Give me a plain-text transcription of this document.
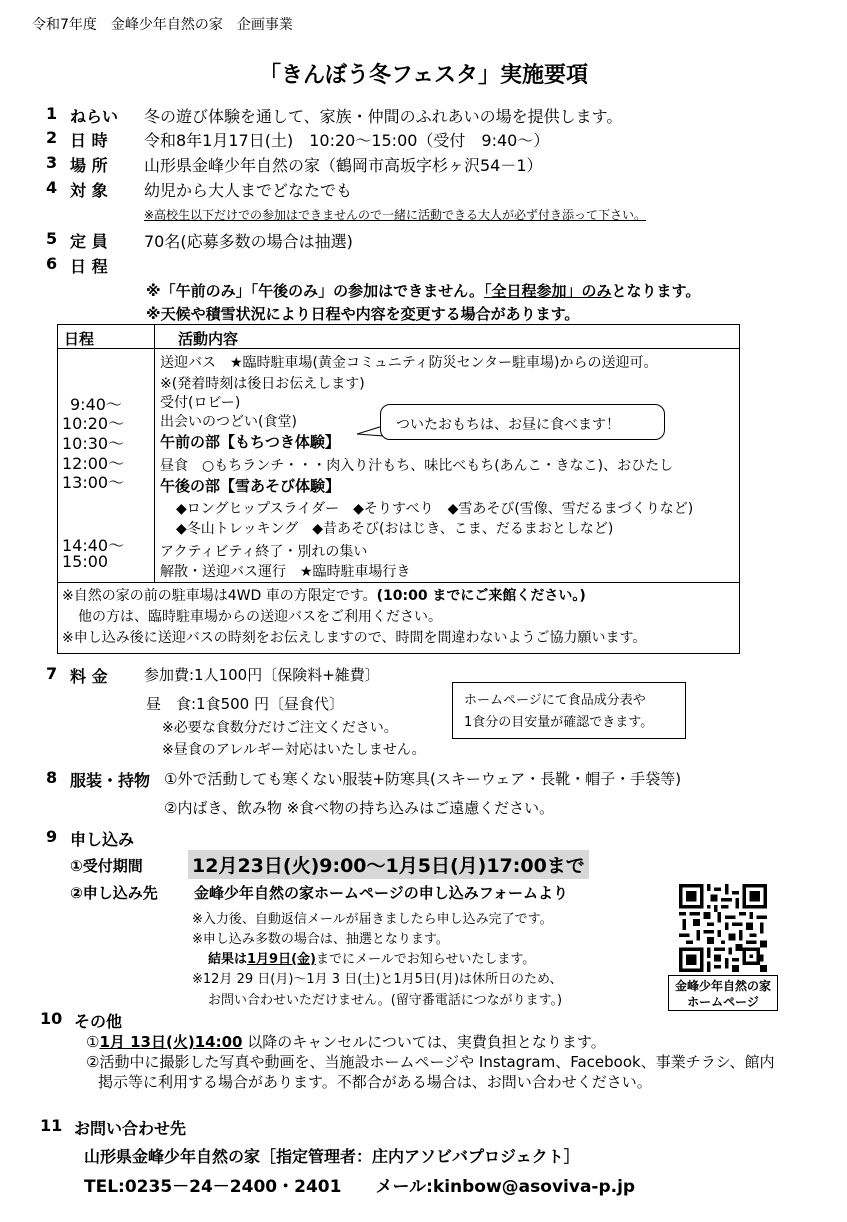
令和7年度　金峰少年自然の家　企画事業
「きんぼう冬フェスタ」実施要項
1 ねらい 冬の遊び体験を通して、家族・仲間のふれあいの場を提供します。
2 日 時 令和8年1月17日(土)　10:20～15:00（受付　9:40～）
3 場 所 山形県金峰少年自然の家（鶴岡市高坂字杉ヶ沢54－1）
4 対 象 幼児から大人までどなたでも
※高校生以下だけでの参加はできませんので一緒に活動できる大人が必ず付き添って下さい。
5 定 員 70名(応募多数の場合は抽選)
6 日 程
※「午前のみ」「午後のみ」の参加はできません。「全日程参加」のみとなります。
※天候や積雪状況により日程や内容を変更する場合があります。
日程	活動内容
9:40～
10:20～
10:30～
12:00～
13:00～
14:40～
15:00
送迎バス　★臨時駐車場(黄金コミュニティ防災センター駐車場)からの送迎可。
※(発着時刻は後日お伝えします)
受付(ロビー)
出会いのつどい(食堂)
午前の部【もちつき体験】
昼食　○もちランチ・・・肉入り汁もち、味比べもち(あんこ・きなこ)、おひたし
午後の部【雪あそび体験】
◆ロングヒップスライダー　◆そりすべり　◆雪あそび(雪像、雪だるまづくりなど)
◆冬山トレッキング　◆昔あそび(おはじき、こま、だるまおとしなど)
アクティビティ終了・別れの集い
解散・送迎バス運行　★臨時駐車場行き
ついたおもちは、お昼に食べます！
※自然の家の前の駐車場は4WD 車の方限定です。(10:00 までにご来館ください。)
他の方は、臨時駐車場からの送迎バスをご利用ください。
※申し込み後に送迎バスの時刻をお伝えしますので、時間を間違わないようご協力願います。
7 料 金 参加費:1人100円〔保険料+雑費〕
昼　食:1食500 円〔昼食代〕
※必要な食数分だけご注文ください。
※昼食のアレルギー対応はいたしません。
ホームページにて食品成分表や
1食分の目安量が確認できます。
8 服装・持物 ①外で活動しても寒くない服装+防寒具(スキーウェア・長靴・帽子・手袋等)
②内ばき、飲み物 ※食べ物の持ち込みはご遠慮ください。
9 申し込み
①受付期間	12月23日(火)9:00～1月5日(月)17:00まで
②申し込み先 金峰少年自然の家ホームページの申し込みフォームより
※入力後、自動返信メールが届きましたら申し込み完了です。
※申し込み多数の場合は、抽選となります。
結果は1月9日(金)までにメールでお知らせいたします。
※12月 29 日(月)～1月 3 日(土)と1月5日(月)は休所日のため、
お問い合わせいただけません。(留守番電話につながります。)
金峰少年自然の家
ホームページ
10 その他
①1月 13日(火)14:00 以降のキャンセルについては、実費負担となります。
②活動中に撮影した写真や動画を、当施設ホームページや Instagram、Facebook、事業チラシ、館内
掲示等に利用する場合があります。不都合がある場合は、お問い合わせください。
11 お問い合わせ先
山形県金峰少年自然の家［指定管理者：庄内アソビバプロジェクト］
TEL:0235－24－2400・2401　　メール:kinbow@asoviva-p.jp
